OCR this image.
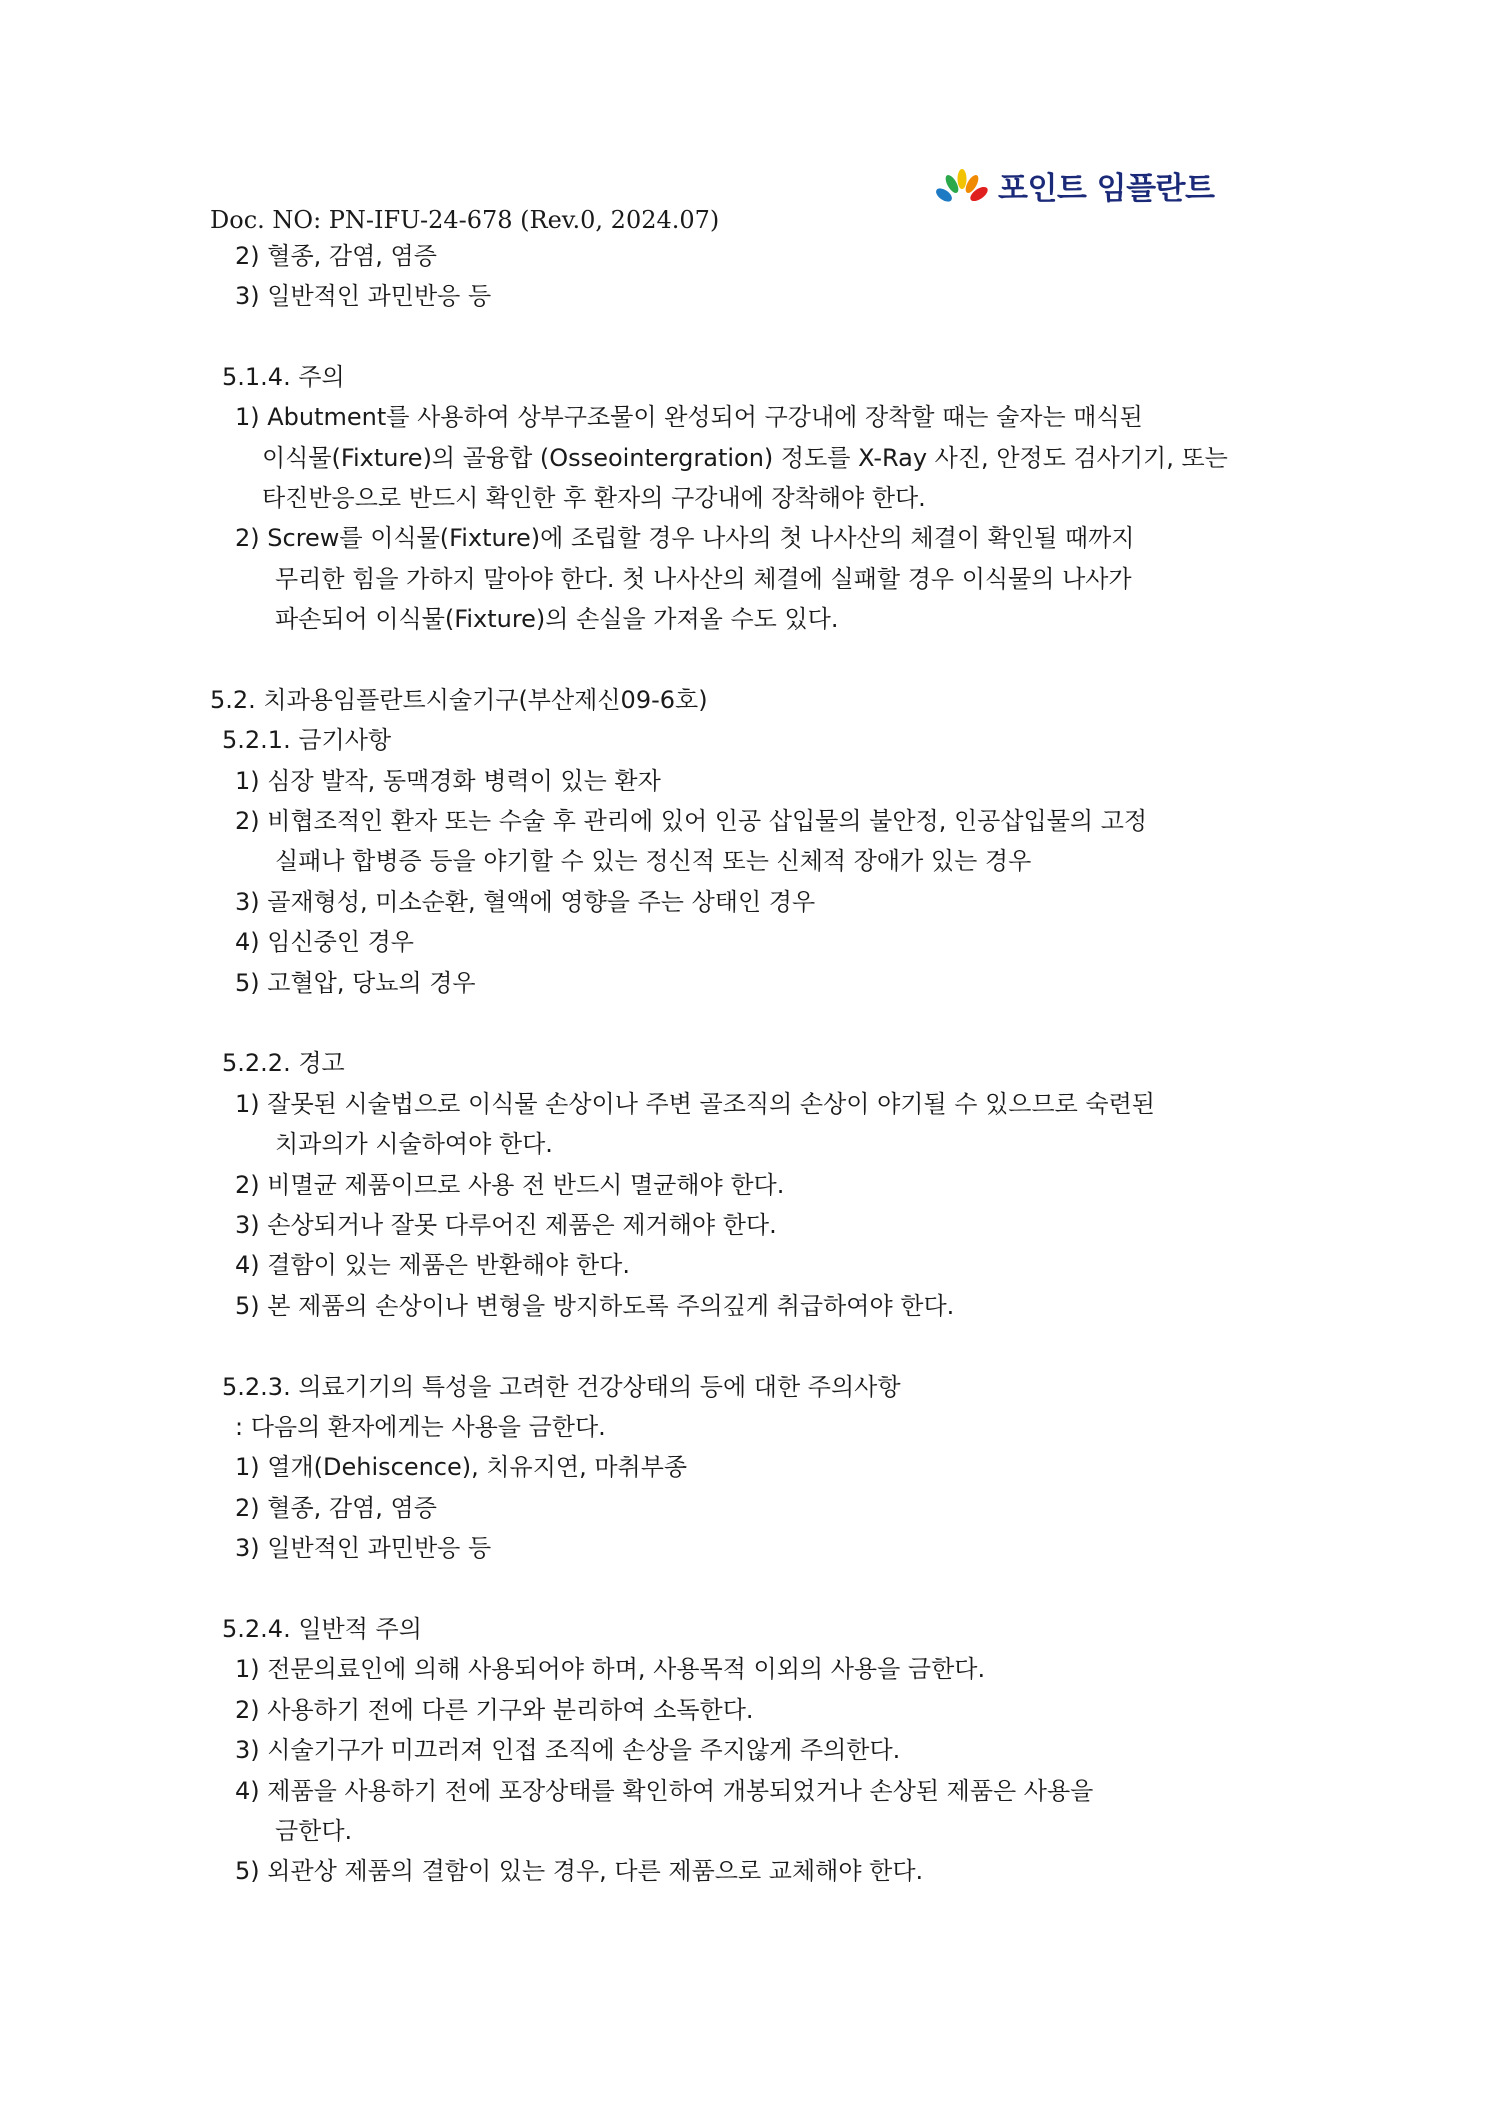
포인트 임플란트
Doc. NO: PN-IFU-24-678 (Rev.0, 2024.07)
2) 혈종, 감염, 염증
3) 일반적인 과민반응 등
5.1.4. 주의
1) Abutment를 사용하여 상부구조물이 완성되어 구강내에 장착할 때는 술자는 매식된
이식물(Fixture)의 골융합 (Osseointergration) 정도를 X-Ray 사진, 안정도 검사기기, 또는
타진반응으로 반드시 확인한 후 환자의 구강내에 장착해야 한다.
2) Screw를 이식물(Fixture)에 조립할 경우 나사의 첫 나사산의 체결이 확인될 때까지
무리한 힘을 가하지 말아야 한다. 첫 나사산의 체결에 실패할 경우 이식물의 나사가
파손되어 이식물(Fixture)의 손실을 가져올 수도 있다.
5.2. 치과용임플란트시술기구(부산제신09-6호)
5.2.1. 금기사항
1) 심장 발작, 동맥경화 병력이 있는 환자
2) 비협조적인 환자 또는 수술 후 관리에 있어 인공 삽입물의 불안정, 인공삽입물의 고정
실패나 합병증 등을 야기할 수 있는 정신적 또는 신체적 장애가 있는 경우
3) 골재형성, 미소순환, 혈액에 영향을 주는 상태인 경우
4) 임신중인 경우
5) 고혈압, 당뇨의 경우
5.2.2. 경고
1) 잘못된 시술법으로 이식물 손상이나 주변 골조직의 손상이 야기될 수 있으므로 숙련된
치과의가 시술하여야 한다.
2) 비멸균 제품이므로 사용 전 반드시 멸균해야 한다.
3) 손상되거나 잘못 다루어진 제품은 제거해야 한다.
4) 결함이 있는 제품은 반환해야 한다.
5) 본 제품의 손상이나 변형을 방지하도록 주의깊게 취급하여야 한다.
5.2.3. 의료기기의 특성을 고려한 건강상태의 등에 대한 주의사항
: 다음의 환자에게는 사용을 금한다.
1) 열개(Dehiscence), 치유지연, 마취부종
2) 혈종, 감염, 염증
3) 일반적인 과민반응 등
5.2.4. 일반적 주의
1) 전문의료인에 의해 사용되어야 하며, 사용목적 이외의 사용을 금한다.
2) 사용하기 전에 다른 기구와 분리하여 소독한다.
3) 시술기구가 미끄러져 인접 조직에 손상을 주지않게 주의한다.
4) 제품을 사용하기 전에 포장상태를 확인하여 개봉되었거나 손상된 제품은 사용을
금한다.
5) 외관상 제품의 결함이 있는 경우, 다른 제품으로 교체해야 한다.
